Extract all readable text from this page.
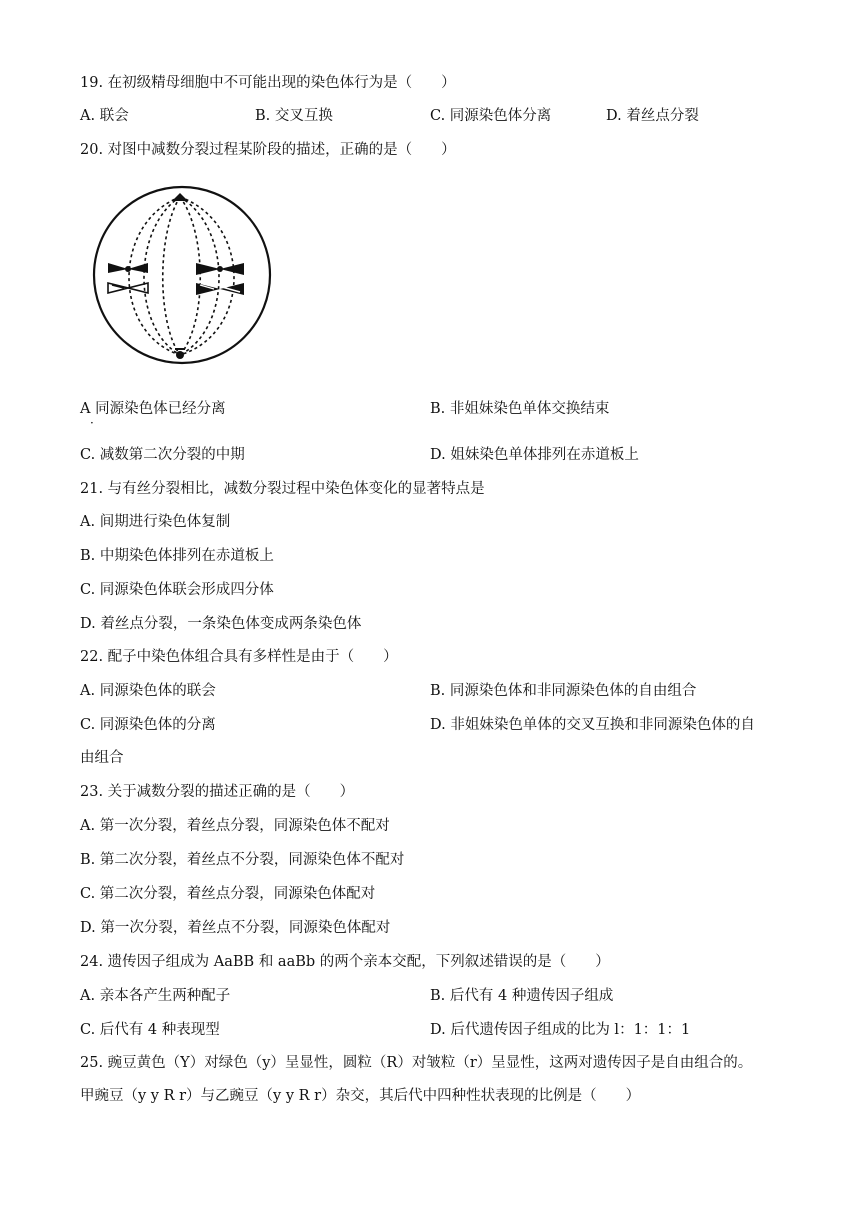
19. 在初级精母细胞中不可能出现的染色体行为是（　　）
A. 联会	B. 交叉互换	C. 同源染色体分离	D. 着丝点分裂
20. 对图中减数分裂过程某阶段的描述，正确的是（　　）
A 同源染色体已经分离
·
B. 非姐妹染色单体交换结束
C. 减数第二次分裂的中期	D. 姐妹染色单体排列在赤道板上
21. 与有丝分裂相比，减数分裂过程中染色体变化的显著特点是
A. 间期进行染色体复制
B. 中期染色体排列在赤道板上
C. 同源染色体联会形成四分体
D. 着丝点分裂，一条染色体变成两条染色体
22. 配子中染色体组合具有多样性是由于（　　）
A. 同源染色体的联会	B. 同源染色体和非同源染色体的自由组合
C. 同源染色体的分离	D. 非姐妹染色单体的交叉互换和非同源染色体的自
由组合
23. 关于减数分裂的描述正确的是（　　）
A. 第一次分裂，着丝点分裂，同源染色体不配对
B. 第二次分裂，着丝点不分裂，同源染色体不配对
C. 第二次分裂，着丝点分裂，同源染色体配对
D. 第一次分裂，着丝点不分裂，同源染色体配对
24. 遗传因子组成为 AaBB 和 aaBb 的两个亲本交配，下列叙述错误的是（　　）
A. 亲本各产生两种配子	B. 后代有 4 种遗传因子组成
C. 后代有 4 种表现型	D. 后代遗传因子组成的比为 l：1：1：1
25. 豌豆黄色（Y）对绿色（y）呈显性，圆粒（R）对皱粒（r）呈显性，这两对遗传因子是自由组合的。
甲豌豆（y y R r）与乙豌豆（y y R r）杂交，其后代中四种性状表现的比例是（　　）
